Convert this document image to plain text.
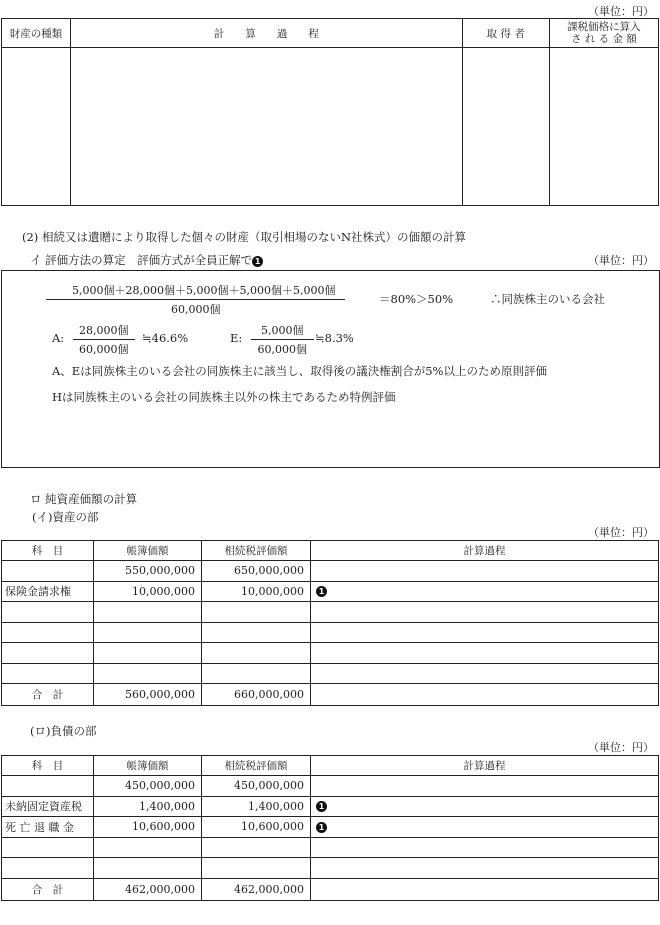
（単位：円）
財産の種類	計　　算　　過　　程	取 得 者	課税価格に算入
さ れ る 金 額

(2) 相続又は遺贈により取得した個々の財産（取引相場のないN社株式）の価額の計算
イ 評価方法の算定　評価方式が全員正解で 1	（単位：円）
5,000個＋28,000個＋5,000個＋5,000個＋5,000個
60,000個
＝80%＞50%	∴同族株主のいる会社
A:
28,000個
60,000個
≒46.6%	E:
5,000個
60,000個
≒8.3%
A、Eは同族株主のいる会社の同族株主に該当し、取得後の議決権割合が5%以上のため原則評価
Hは同族株主のいる会社の同族株主以外の株主であるため特例評価
ロ 純資産価額の計算
(イ)資産の部
（単位：円）
科　目	帳簿価額	相続税評価額	計算過程
	550,000,000	650,000,000	
保険金請求権	10,000,000	10,000,000	1

合　計	560,000,000	660,000,000	
(ロ)負債の部
（単位：円）
科　目	帳簿価額	相続税評価額	計算過程
	450,000,000	450,000,000	
未納固定資産税	1,400,000	1,400,000	1
死 亡 退 職 金	10,600,000	10,600,000	1

合　計	462,000,000	462,000,000	
